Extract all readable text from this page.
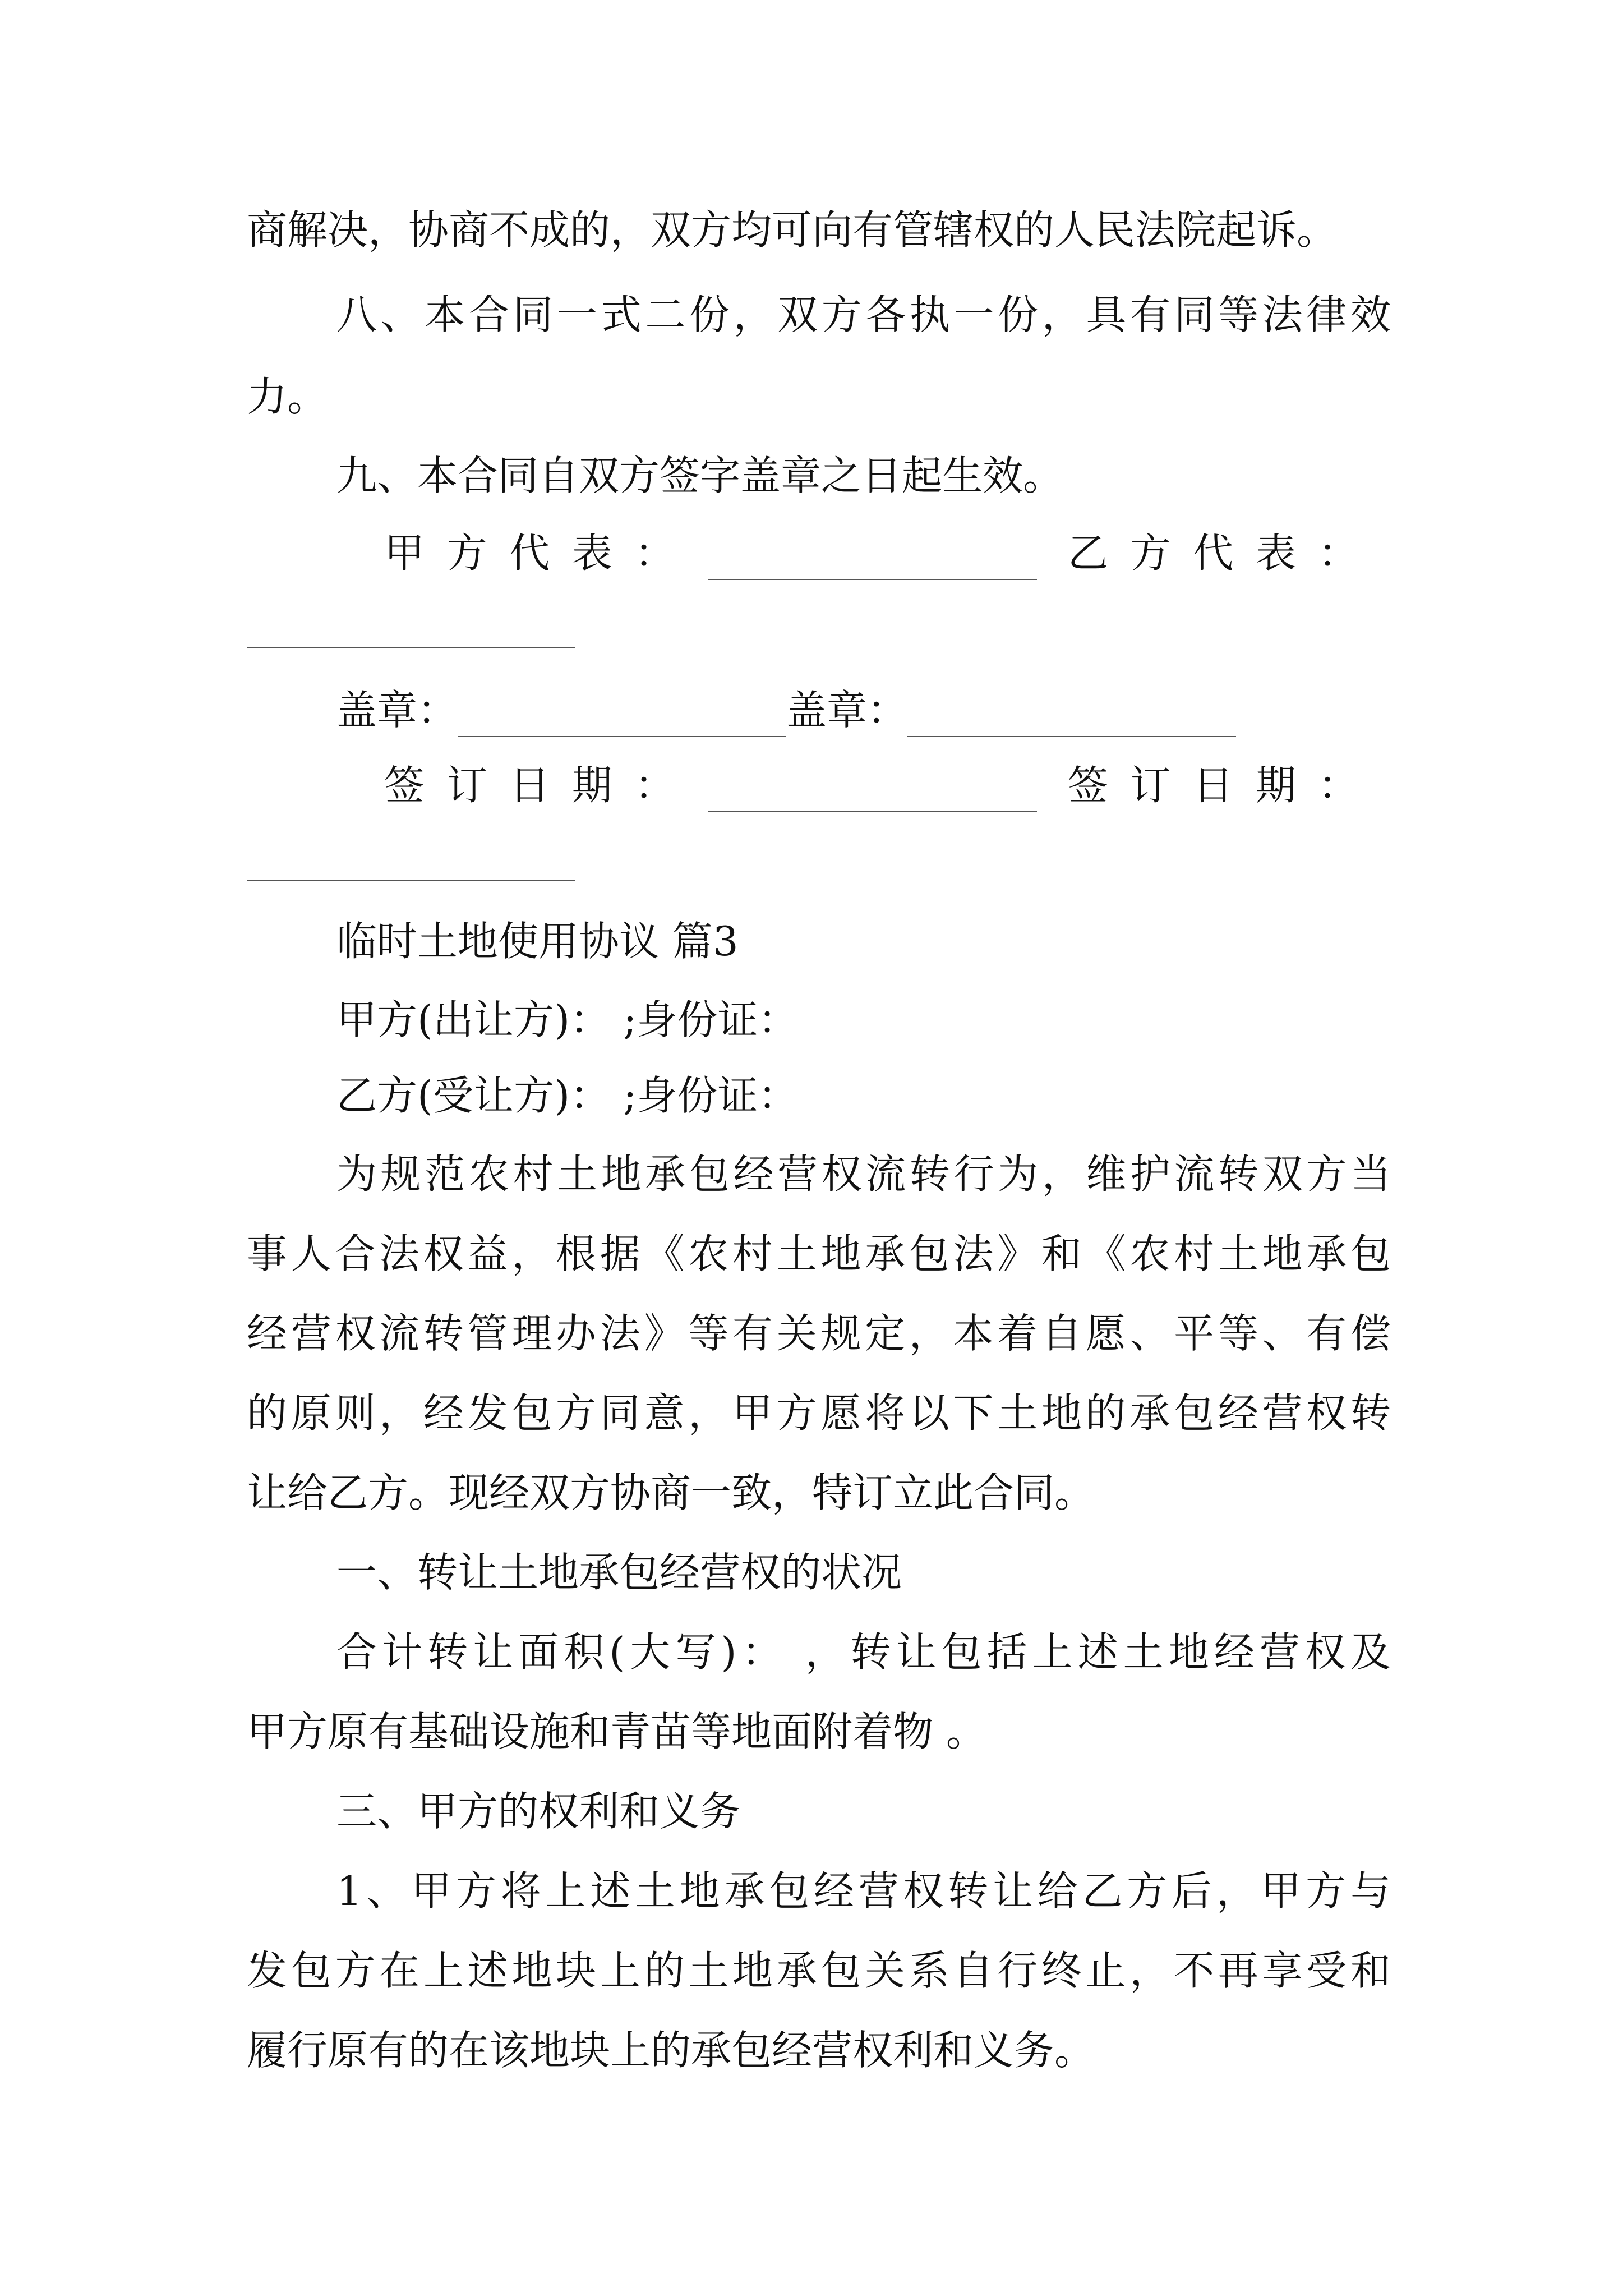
商解决，协商不成的，双方均可向有管辖权的人民法院起诉。
八、本合同一式二份，双方各执一份，具有同等法律效
力。
九、本合同自双方签字盖章之日起生效。
甲方代表：	乙方代表：
盖章：	盖章：
签订日期：	签订日期：
临时土地使用协议 篇3
甲方(出让方)： ;身份证：
乙方(受让方)： ;身份证：
为规范农村土地承包经营权流转行为，维护流转双方当
事人合法权益，根据《农村土地承包法》和《农村土地承包
经营权流转管理办法》等有关规定，本着自愿、平等、有偿
的原则，经发包方同意，甲方愿将以下土地的承包经营权转
让给乙方。现经双方协商一致，特订立此合同。
一、转让土地承包经营权的状况
合计转让面积(大写)： ，转让包括上述土地经营权及
甲方原有基础设施和青苗等地面附着物 。
三、甲方的权利和义务
1、甲方将上述土地承包经营权转让给乙方后，甲方与
发包方在上述地块上的土地承包关系自行终止，不再享受和
履行原有的在该地块上的承包经营权利和义务。
